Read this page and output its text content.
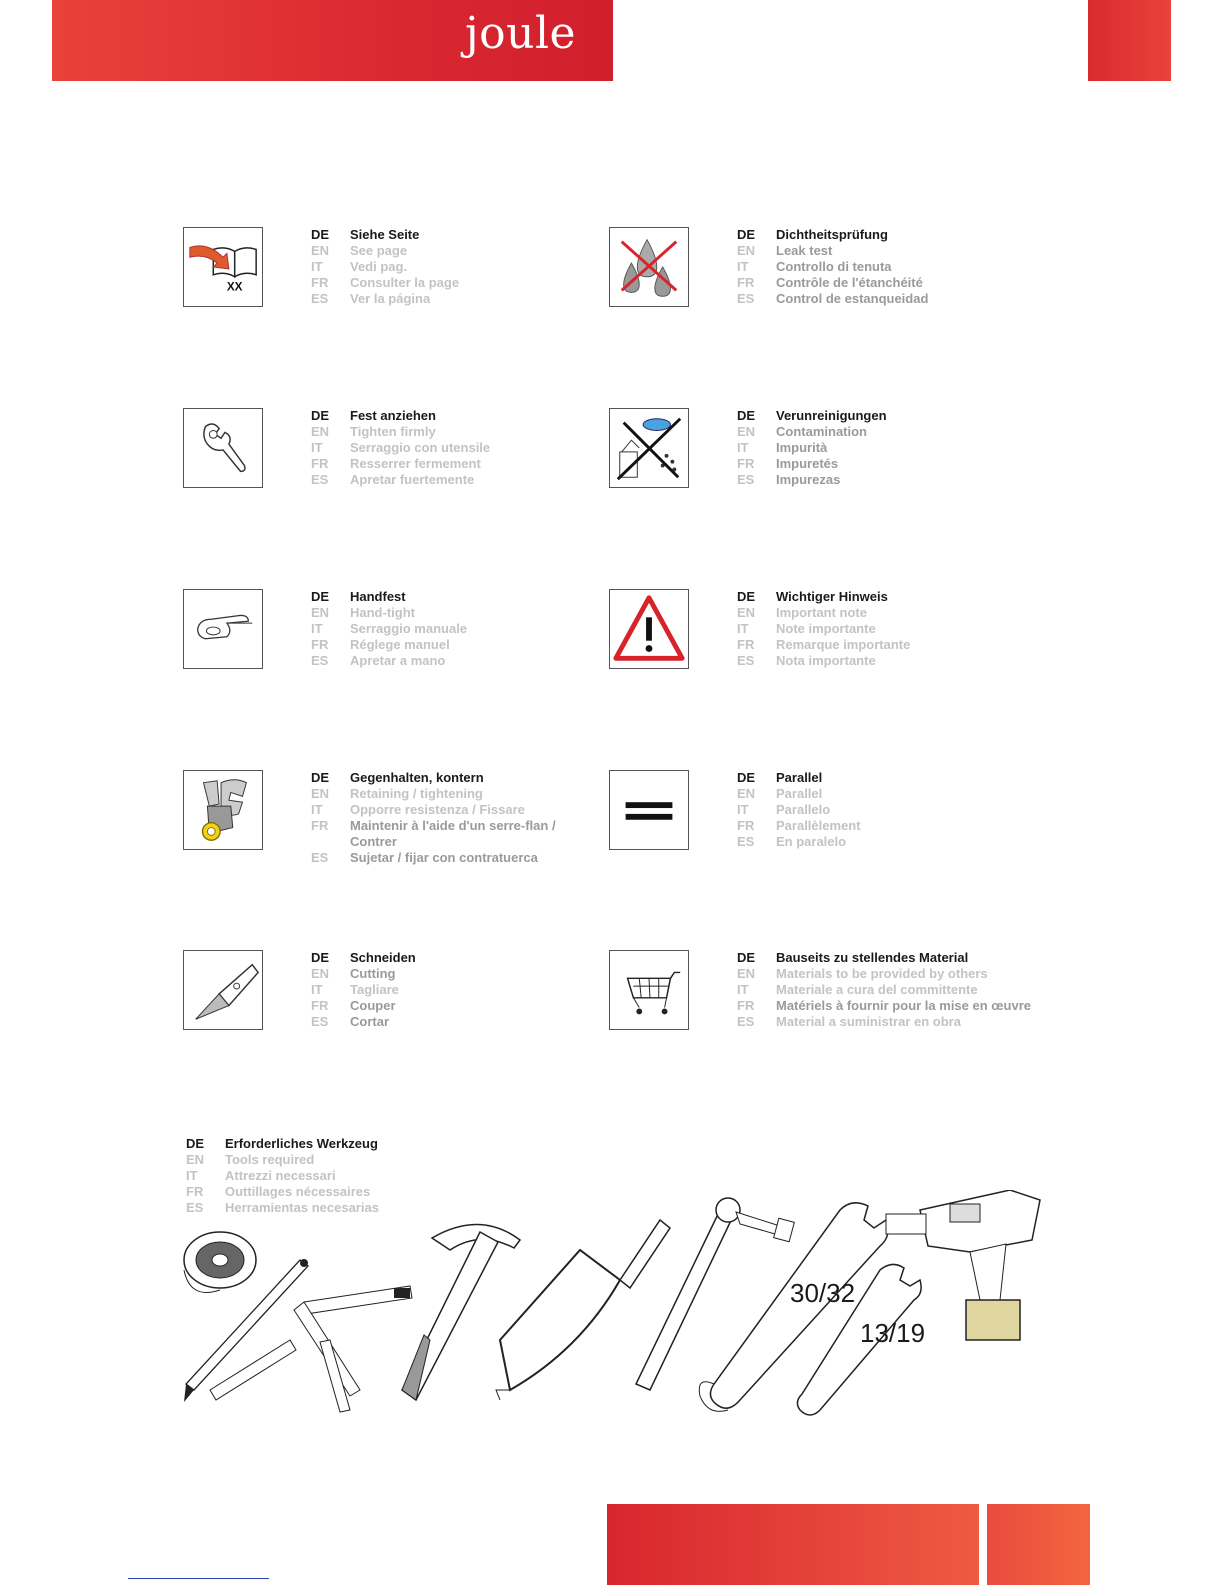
joule
XX
DE	Siehe Seite
EN	See page
IT	Vedi pag.
FR	Consulter la page
ES	Ver la página
DE	Dichtheitsprüfung
EN	Leak test
IT	Controllo di tenuta
FR	Contrôle de l'étanchéité
ES	Control de estanqueidad
DE	Fest anziehen
EN	Tighten firmly
IT	Serraggio con utensile
FR	Resserrer fermement
ES	Apretar fuertemente
DE	Verunreinigungen
EN	Contamination
IT	Impurità
FR	Impuretés
ES	Impurezas
DE	Handfest
EN	Hand-tight
IT	Serraggio manuale
FR	Réglege manuel
ES	Apretar a mano
DE	Wichtiger Hinweis
EN	Important note
IT	Note importante
FR	Remarque importante
ES	Nota importante
DE	Gegenhalten, kontern
EN	Retaining / tightening
IT	Opporre resistenza / Fissare
FR	Maintenir à l'aide d'un serre-flan / Contrer
ES	Sujetar / fijar con contratuerca
DE	Parallel
EN	Parallel
IT	Parallelo
FR	Parallèlement
ES	En paralelo
DE	Schneiden
EN	Cutting
IT	Tagliare
FR	Couper
ES	Cortar
DE	Bauseits zu stellendes Material
EN	Materials to be provided by others
IT	Materiale a cura del committente
FR	Matériels à fournir pour la mise en œuvre
ES	Material a suministrar en obra
DE	Erforderliches Werkzeug
EN	Tools required
IT	Attrezzi necessari
FR	Outtillages nécessaires
ES	Herramientas necesarias
30/32
13/19
